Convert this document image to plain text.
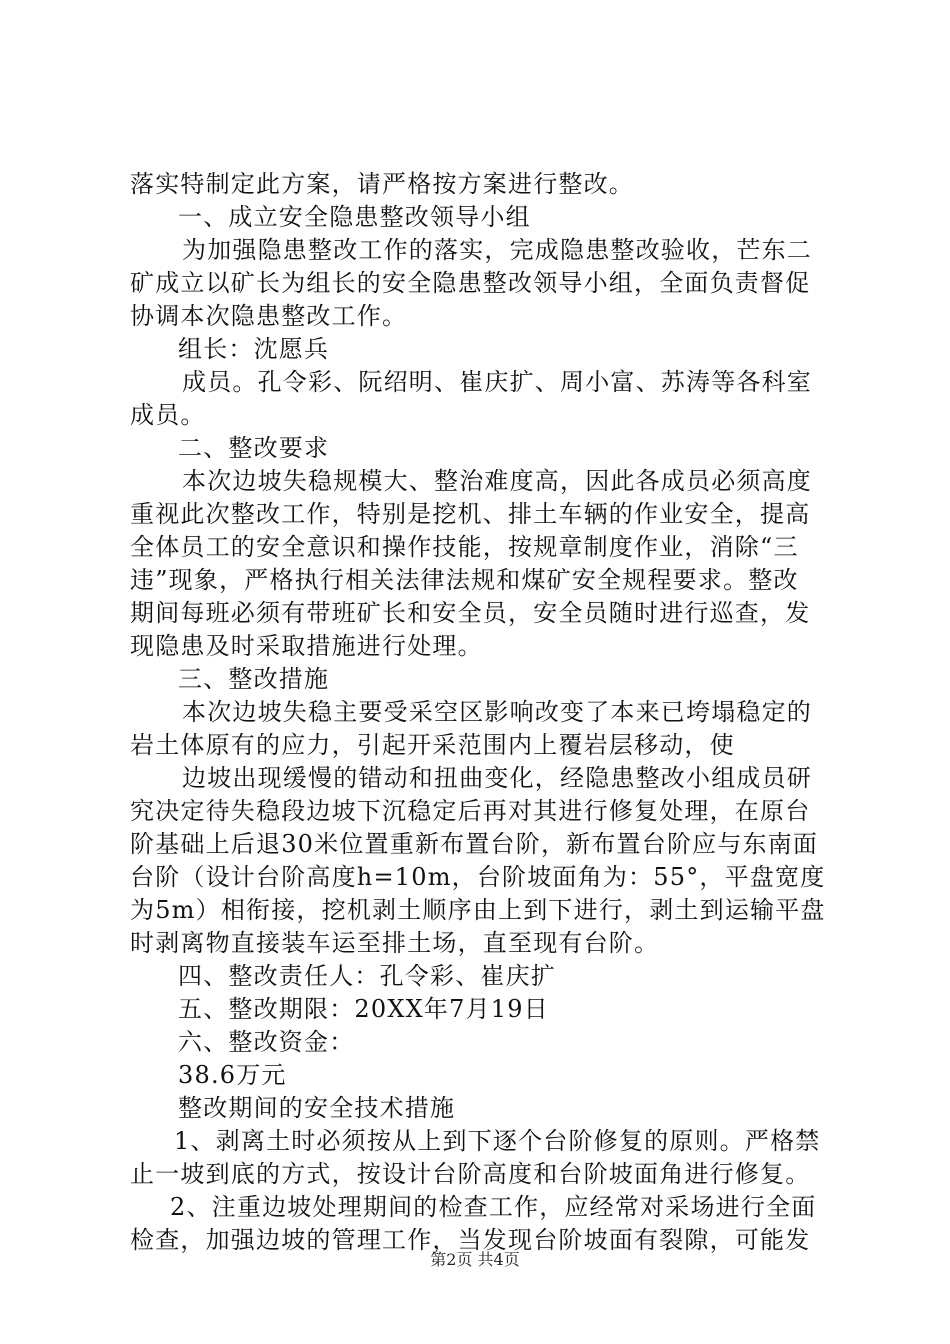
落实特制定此方案，请严格按方案进行整改。
一、成立安全隐患整改领导小组
为加强隐患整改工作的落实，完成隐患整改验收，芒东二
矿成立以矿长为组长的安全隐患整改领导小组，全面负责督促
协调本次隐患整改工作。
组长：沈愿兵
成员。孔令彩、阮绍明、崔庆扩、周小富、苏涛等各科室
成员。
二、整改要求
本次边坡失稳规模大、整治难度高，因此各成员必须高度
重视此次整改工作，特别是挖机、排土车辆的作业安全，提高
全体员工的安全意识和操作技能，按规章制度作业，消除“三
违”现象，严格执行相关法律法规和煤矿安全规程要求。整改
期间每班必须有带班矿长和安全员，安全员随时进行巡查，发
现隐患及时采取措施进行处理。
三、整改措施
本次边坡失稳主要受采空区影响改变了本来已垮塌稳定的
岩土体原有的应力，引起开采范围内上覆岩层移动，使
边坡出现缓慢的错动和扭曲变化，经隐患整改小组成员研
究决定待失稳段边坡下沉稳定后再对其进行修复处理，在原台
阶基础上后退30米位置重新布置台阶，新布置台阶应与东南面
台阶（设计台阶高度h=10m，台阶坡面角为：55°，平盘宽度
为5m）相衔接，挖机剥土顺序由上到下进行，剥土到运输平盘
时剥离物直接装车运至排土场，直至现有台阶。
四、整改责任人：孔令彩、崔庆扩
五、整改期限：20XX年7月19日
六、整改资金：
38.6万元
整改期间的安全技术措施
1、剥离土时必须按从上到下逐个台阶修复的原则。严格禁
止一坡到底的方式，按设计台阶高度和台阶坡面角进行修复。
2、注重边坡处理期间的检查工作，应经常对采场进行全面
检查，加强边坡的管理工作，当发现台阶坡面有裂隙，可能发
第2页 共4页
